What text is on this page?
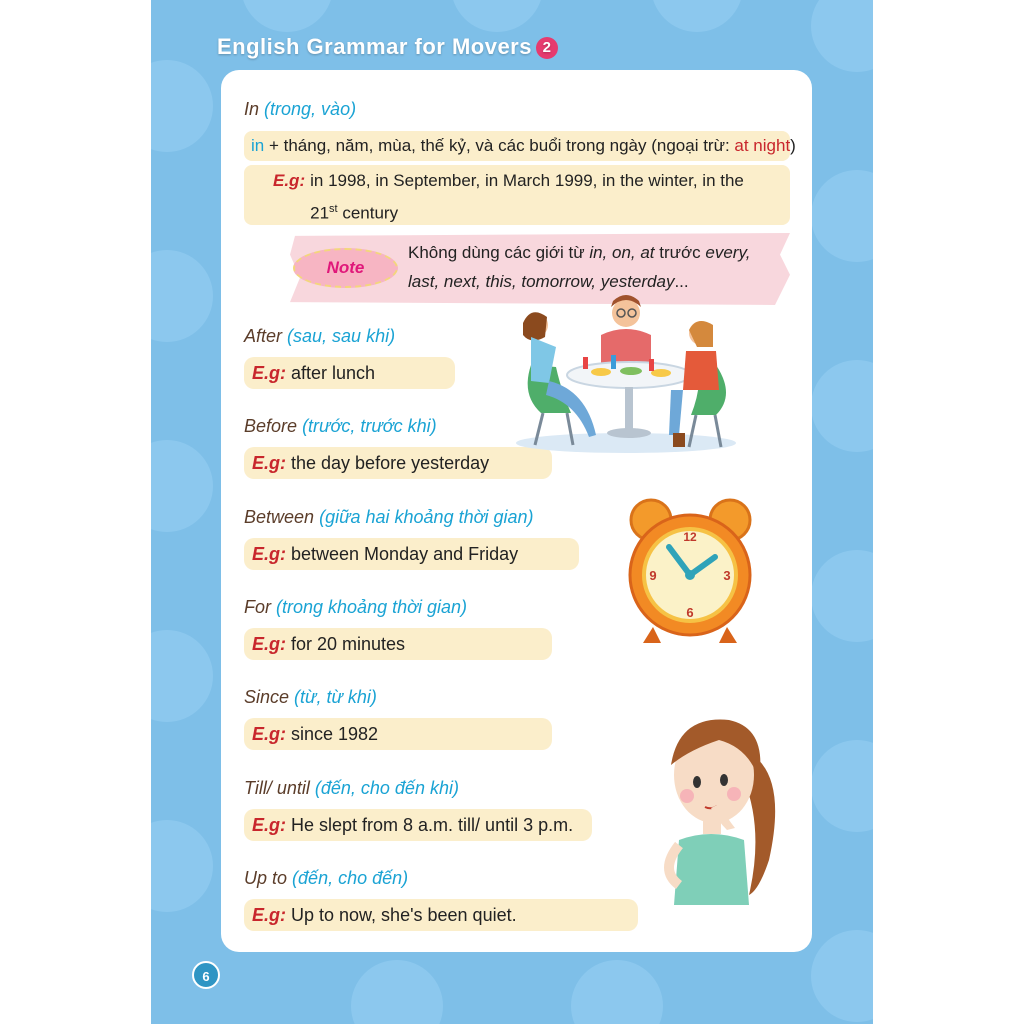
English Grammar for Movers 2
In (trong, vào)
in + tháng, năm, mùa, thế kỷ, và các buổi trong ngày (ngoại trừ: at night)
E.g: in 1998, in September, in March 1999, in the winter, in the
21st century
Note
Không dùng các giới từ in, on, at trước every, last, next, this, tomorrow, yesterday...
After (sau, sau khi)
E.g: after lunch
Before (trước, trước khi)
E.g: the day before yesterday
Between (giữa hai khoảng thời gian)
E.g: between Monday and Friday
For (trong khoảng thời gian)
E.g: for 20 minutes
Since (từ, từ khi)
E.g: since 1982
Till/ until (đến, cho đến khi)
E.g: He slept from 8 a.m. till/ until 3 p.m.
Up to (đến, cho đến)
E.g: Up to now, she's been quiet.
12
3
6
9
6
